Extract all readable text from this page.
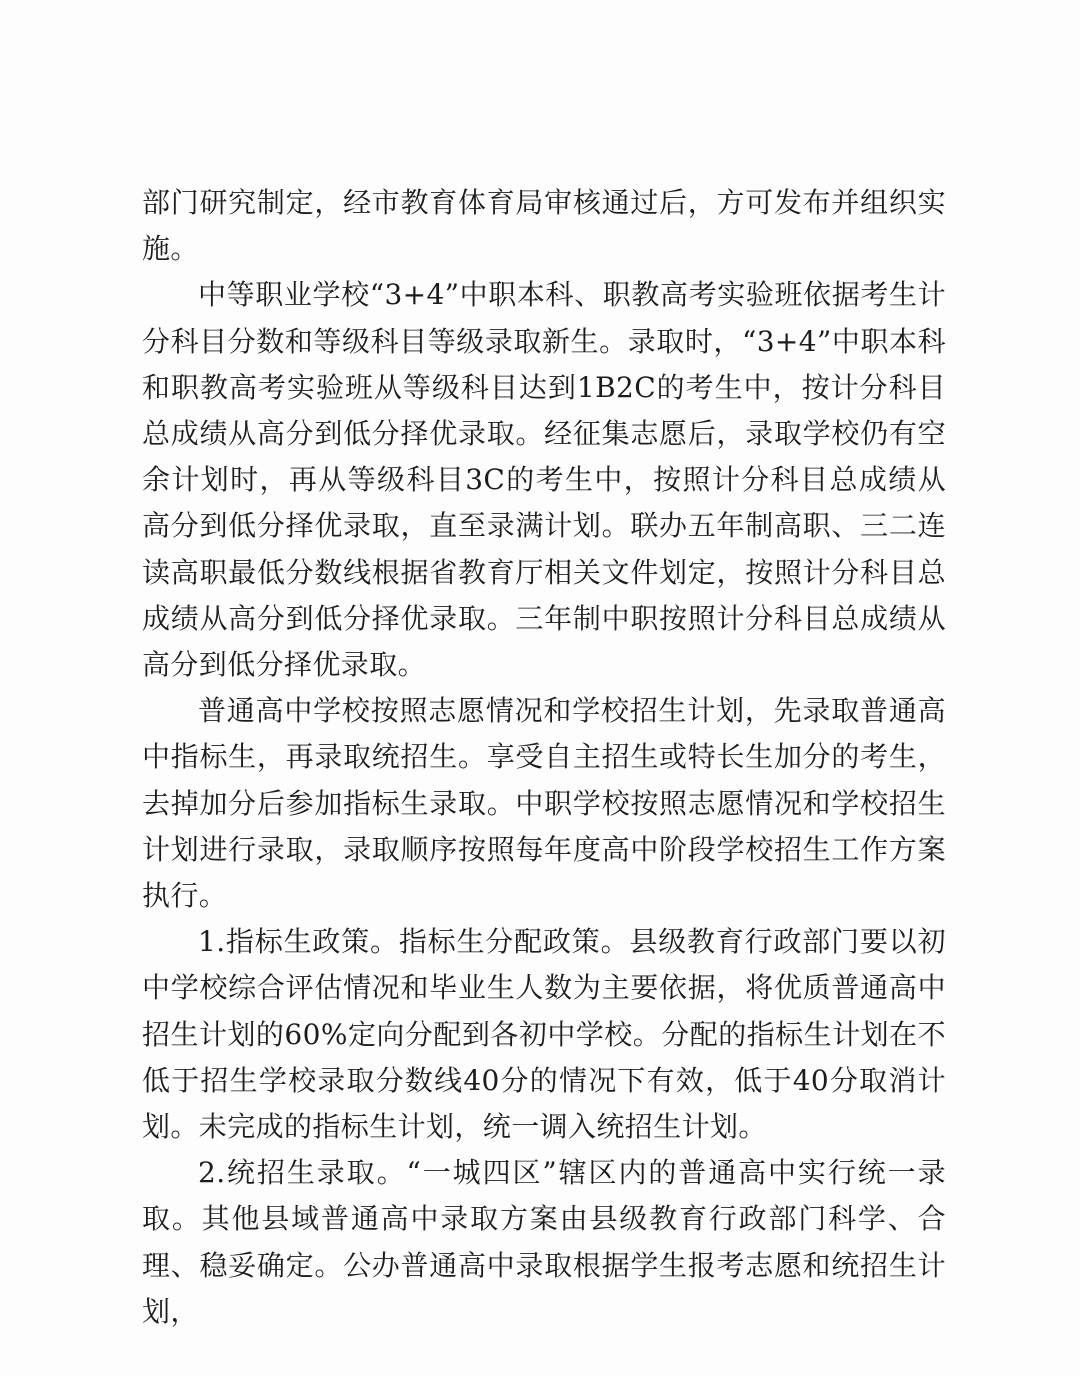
部门研究制定，经市教育体育局审核通过后，方可发布并组织实施。

中等职业学校“3+4”中职本科、职教高考实验班依据考生计分科目分数和等级科目等级录取新生。录取时，“3+4”中职本科和职教高考实验班从等级科目达到1B2C的考生中，按计分科目总成绩从高分到低分择优录取。经征集志愿后，录取学校仍有空余计划时，再从等级科目3C的考生中，按照计分科目总成绩从高分到低分择优录取，直至录满计划。联办五年制高职、三二连读高职最低分数线根据省教育厅相关文件划定，按照计分科目总成绩从高分到低分择优录取。三年制中职按照计分科目总成绩从高分到低分择优录取。

普通高中学校按照志愿情况和学校招生计划，先录取普通高中指标生，再录取统招生。享受自主招生或特长生加分的考生，去掉加分后参加指标生录取。中职学校按照志愿情况和学校招生计划进行录取，录取顺序按照每年度高中阶段学校招生工作方案执行。

1.指标生政策。指标生分配政策。县级教育行政部门要以初中学校综合评估情况和毕业生人数为主要依据，将优质普通高中招生计划的60%定向分配到各初中学校。分配的指标生计划在不低于招生学校录取分数线40分的情况下有效，低于40分取消计划。未完成的指标生计划，统一调入统招生计划。

2.统招生录取。“一城四区”辖区内的普通高中实行统一录取。其他县域普通高中录取方案由县级教育行政部门科学、合理、稳妥确定。公办普通高中录取根据学生报考志愿和统招生计划，
